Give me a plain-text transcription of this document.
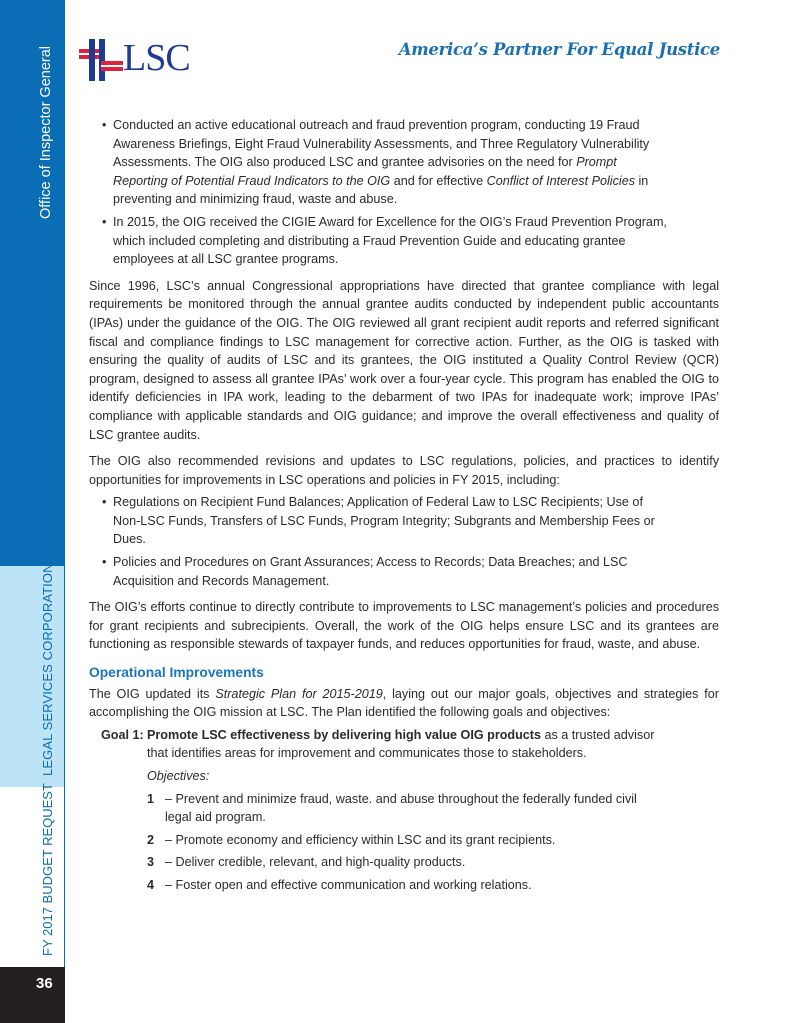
Office of Inspector General
LEGAL SERVICES CORPORATION
FY 2017 BUDGET REQUEST
36
LSC	America’s Partner For Equal Justice
• Conducted an active educational outreach and fraud prevention program, conducting 19 Fraud Awareness Briefings, Eight Fraud Vulnerability Assessments, and Three Regulatory Vulnerability Assessments. The OIG also produced LSC and grantee advisories on the need for Prompt Reporting of Potential Fraud Indicators to the OIG and for effective Conflict of Interest Policies in preventing and minimizing fraud, waste and abuse.
• In 2015, the OIG received the CIGIE Award for Excellence for the OIG’s Fraud Prevention Program, which included completing and distributing a Fraud Prevention Guide and educating grantee employees at all LSC grantee programs.

Since 1996, LSC’s annual Congressional appropriations have directed that grantee compliance with legal requirements be monitored through the annual grantee audits conducted by independent public accountants (IPAs) under the guidance of the OIG. The OIG reviewed all grant recipient audit reports and referred significant fiscal and compliance findings to LSC management for corrective action. Further, as the OIG is tasked with ensuring the quality of audits of LSC and its grantees, the OIG instituted a Quality Control Review (QCR) program, designed to assess all grantee IPAs’ work over a four-year cycle. This program has enabled the OIG to identify deficiencies in IPA work, leading to the debarment of two IPAs for inadequate work; improve IPAs’ compliance with applicable standards and OIG guidance; and improve the overall effectiveness and quality of LSC grantee audits.

The OIG also recommended revisions and updates to LSC regulations, policies, and practices to identify opportunities for improvements in LSC operations and policies in FY 2015, including:

• Regulations on Recipient Fund Balances; Application of Federal Law to LSC Recipients; Use of Non-LSC Funds, Transfers of LSC Funds, Program Integrity; Subgrants and Membership Fees or Dues.
• Policies and Procedures on Grant Assurances; Access to Records; Data Breaches; and LSC Acquisition and Records Management.

The OIG’s efforts continue to directly contribute to improvements to LSC management’s policies and procedures for grant recipients and subrecipients. Overall, the work of the OIG helps ensure LSC and its grantees are functioning as responsible stewards of taxpayer funds, and reduces opportunities for fraud, waste, and abuse.

Operational Improvements

The OIG updated its Strategic Plan for 2015-2019, laying out our major goals, objectives and strategies for accomplishing the OIG mission at LSC. The Plan identified the following goals and objectives:

Goal 1: Promote LSC effectiveness by delivering high value OIG products as a trusted advisor that identifies areas for improvement and communicates those to stakeholders.
Objectives:
1 – Prevent and minimize fraud, waste. and abuse throughout the federally funded civil legal aid program.
2 – Promote economy and efficiency within LSC and its grant recipients.
3 – Deliver credible, relevant, and high-quality products.
4 – Foster open and effective communication and working relations.
